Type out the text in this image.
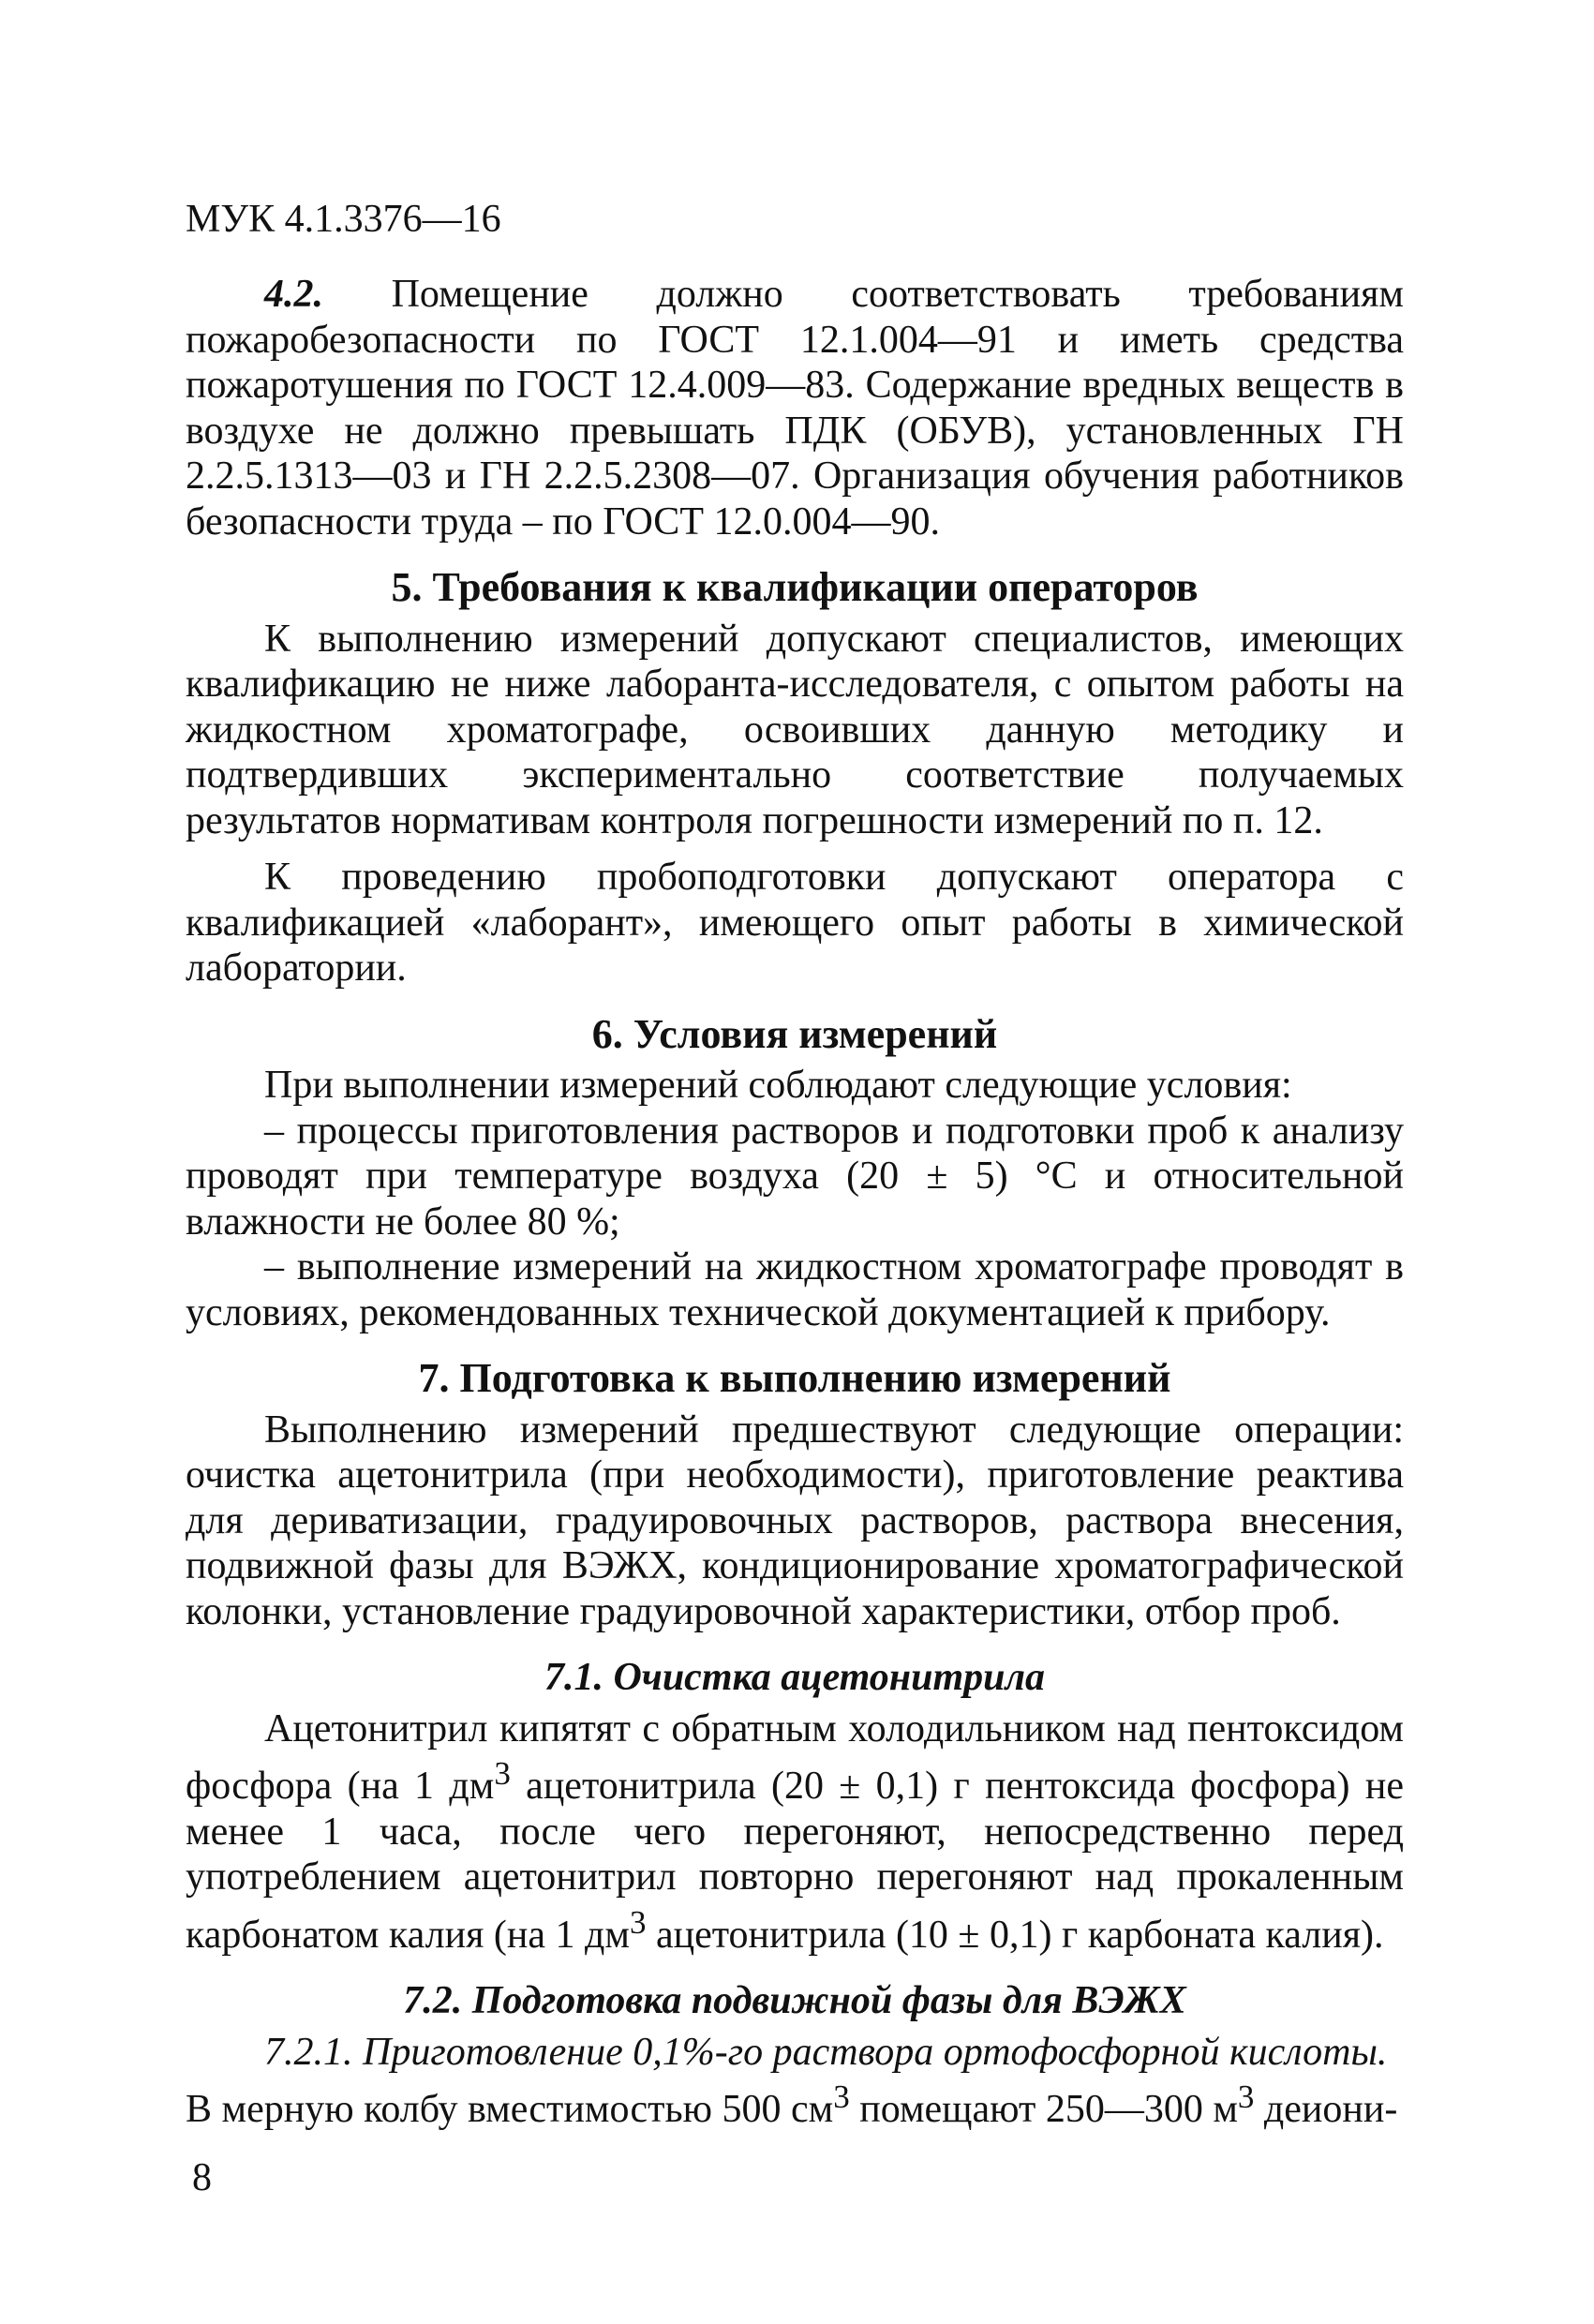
МУК 4.1.3376—16

4.2. Помещение должно соответствовать требованиям пожаробезопасности по ГОСТ 12.1.004—91 и иметь средства пожаротушения по ГОСТ 12.4.009—83. Содержание вредных веществ в воздухе не должно превышать ПДК (ОБУВ), установленных ГН 2.2.5.1313—03 и ГН 2.2.5.2308—07. Организация обучения работников безопасности труда – по ГОСТ 12.0.004—90.

5. Требования к квалификации операторов

К выполнению измерений допускают специалистов, имеющих квалификацию не ниже лаборанта-исследователя, с опытом работы на жидкостном хроматографе, освоивших данную методику и подтвердивших экспериментально соответствие получаемых результатов нормативам контроля погрешности измерений по п. 12.

К проведению пробоподготовки допускают оператора с квалификацией «лаборант», имеющего опыт работы в химической лаборатории.

6. Условия измерений

При выполнении измерений соблюдают следующие условия:

– процессы приготовления растворов и подготовки проб к анализу проводят при температуре воздуха (20 ± 5) °С и относительной влажности не более 80 %;

– выполнение измерений на жидкостном хроматографе проводят в условиях, рекомендованных технической документацией к прибору.

7. Подготовка к выполнению измерений

Выполнению измерений предшествуют следующие операции: очистка ацетонитрила (при необходимости), приготовление реактива для дериватизации, градуировочных растворов, раствора внесения, подвижной фазы для ВЭЖХ, кондиционирование хроматографической колонки, установление градуировочной характеристики, отбор проб.

7.1. Очистка ацетонитрила

Ацетонитрил кипятят с обратным холодильником над пентоксидом фосфора (на 1 $дм^3$ ацетонитрила (20 ± 0,1) г пентоксида фосфора) не менее 1 часа, после чего перегоняют, непосредственно перед употреблением ацетонитрил повторно перегоняют над прокаленным карбонатом калия (на 1 $дм^3$ ацетонитрила (10 ± 0,1) г карбоната калия).

7.2. Подготовка подвижной фазы для ВЭЖХ

7.2.1. Приготовление 0,1%-го раствора ортофосфорной кислоты.

В мерную колбу вместимостью 500 $см^3$ помещают 250—300 $м^3$ деиони-

8
